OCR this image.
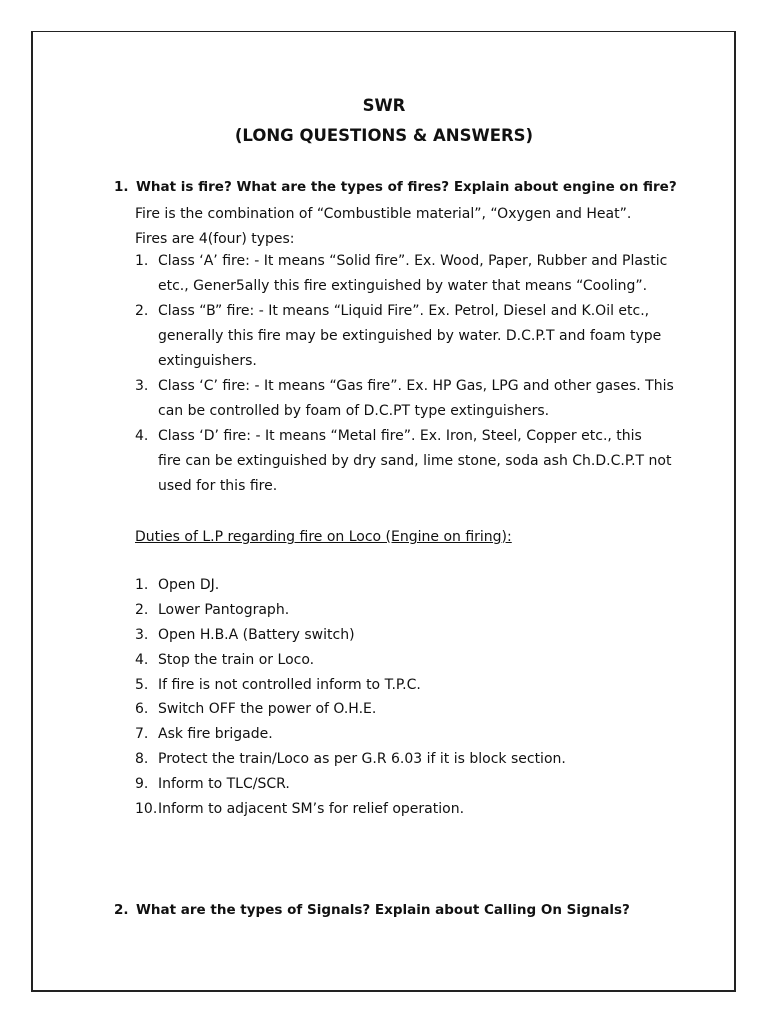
SWR
(LONG QUESTIONS & ANSWERS)
1. What is fire? What are the types of fires? Explain about engine on fire?
Fire is the combination of “Combustible material”, “Oxygen and Heat”.
Fires are 4(four) types:
1. Class ‘A’ fire: - It means “Solid fire”. Ex. Wood, Paper, Rubber and Plastic
etc., Gener5ally this fire extinguished by water that means “Cooling”.
2. Class “B” fire: - It means “Liquid Fire”. Ex. Petrol, Diesel and K.Oil etc.,
generally this fire may be extinguished by water. D.C.P.T and foam type
extinguishers.
3. Class ‘C’ fire: - It means “Gas fire”. Ex. HP Gas, LPG and other gases. This
can be controlled by foam of D.C.PT type extinguishers.
4. Class ‘D’ fire: - It means “Metal fire”. Ex. Iron, Steel, Copper etc., this
fire can be extinguished by dry sand, lime stone, soda ash Ch.D.C.P.T not
used for this fire.
Duties of L.P regarding fire on Loco (Engine on firing):
1. Open DJ.
2. Lower Pantograph.
3. Open H.B.A (Battery switch)
4. Stop the train or Loco.
5. If fire is not controlled inform to T.P.C.
6. Switch OFF the power of O.H.E.
7. Ask fire brigade.
8. Protect the train/Loco as per G.R 6.03 if it is block section.
9. Inform to TLC/SCR.
10. Inform to adjacent SM’s for relief operation.
2. What are the types of Signals? Explain about Calling On Signals?
